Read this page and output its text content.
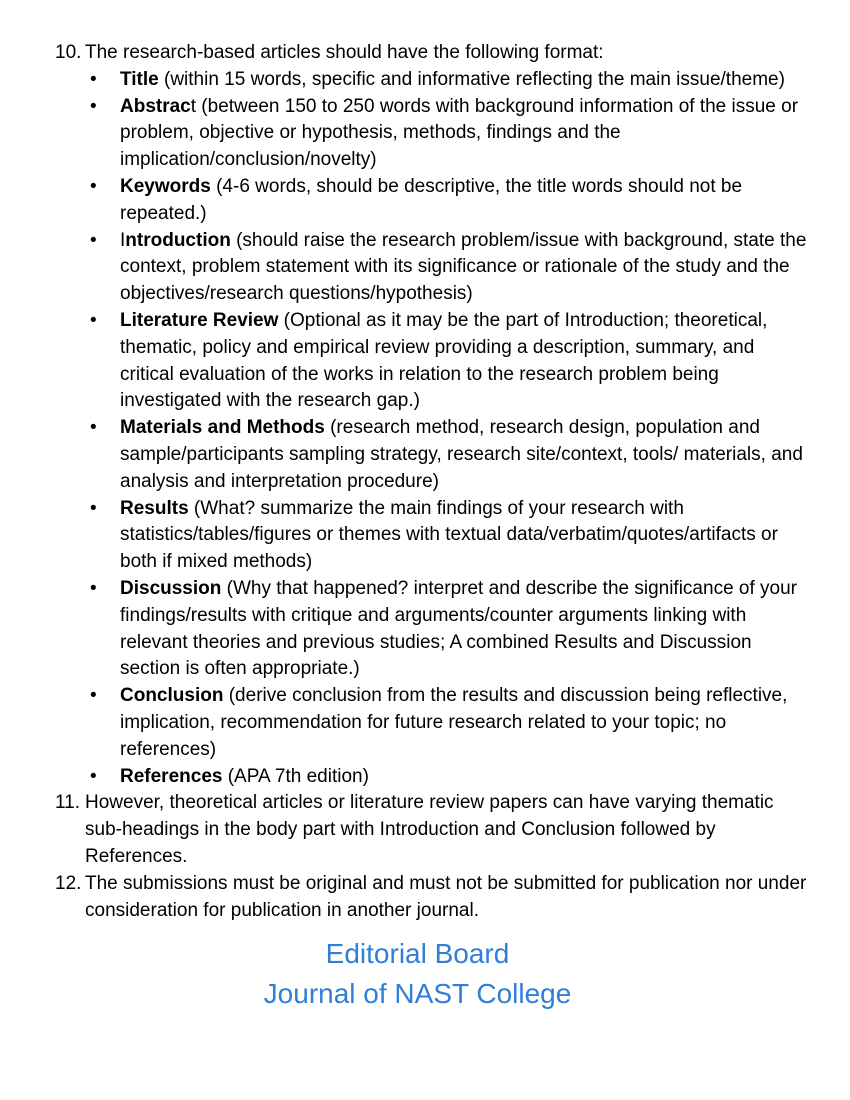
10. The research-based articles should have the following format:
• Title (within 15 words, specific and informative reflecting the main issue/theme)
• Abstract (between 150 to 250 words with background information of the issue or problem, objective or hypothesis, methods, findings and the implication/conclusion/novelty)
• Keywords (4-6 words, should be descriptive, the title words should not be repeated.)
• Introduction (should raise the research problem/issue with background, state the context, problem statement with its significance or rationale of the study and the objectives/research questions/hypothesis)
• Literature Review (Optional as it may be the part of Introduction; theoretical, thematic, policy and empirical review providing a description, summary, and critical evaluation of the works in relation to the research problem being investigated with the research gap.)
• Materials and Methods (research method, research design, population and sample/participants sampling strategy, research site/context, tools/ materials, and analysis and interpretation procedure)
• Results (What? summarize the main findings of your research with statistics/tables/figures or themes with textual data/verbatim/quotes/artifacts or both if mixed methods)
• Discussion (Why that happened? interpret and describe the significance of your findings/results with critique and arguments/counter arguments linking with relevant theories and previous studies; A combined Results and Discussion section is often appropriate.)
• Conclusion (derive conclusion from the results and discussion being reflective, implication, recommendation for future research related to your topic; no references)
• References (APA 7th edition)
11. However, theoretical articles or literature review papers can have varying thematic sub-headings in the body part with Introduction and Conclusion followed by References.
12. The submissions must be original and must not be submitted for publication nor under consideration for publication in another journal.
Editorial Board
Journal of NAST College
